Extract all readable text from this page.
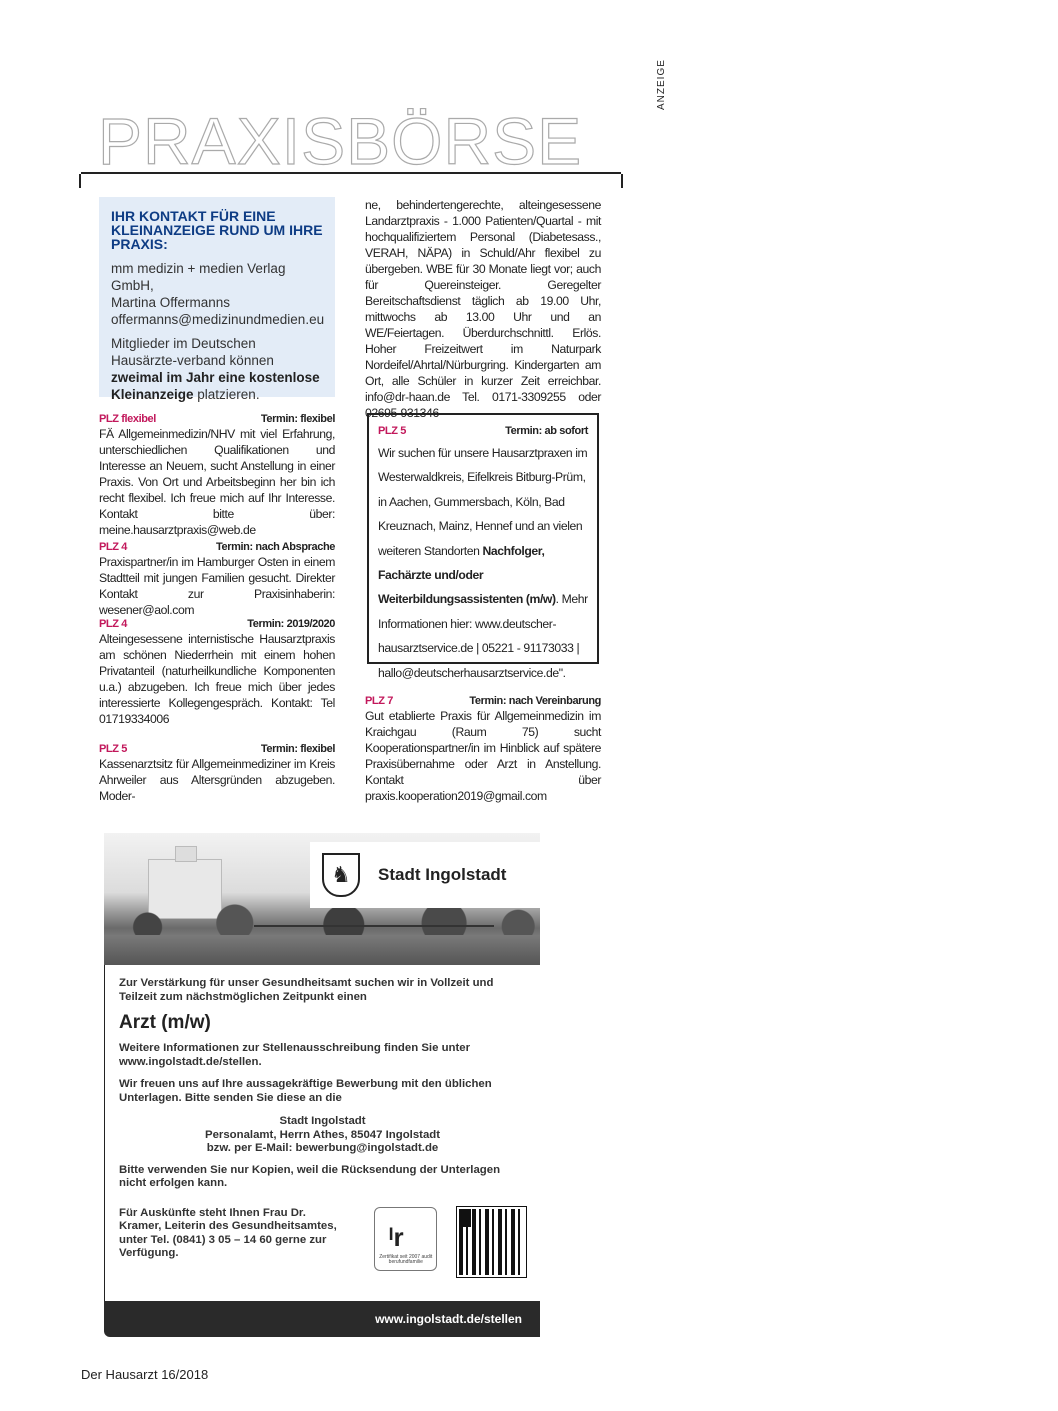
ANZEIGE
PRAXISBÖRSE
IHR KONTAKT FÜR EINE KLEINANZEIGE RUND UM IHRE PRAXIS:
mm medizin + medien Verlag GmbH,
Martina Offermanns
offermanns@medizinundmedien.eu
Mitglieder im Deutschen Hausärzte-verband können zweimal im Jahr eine kostenlose Kleinanzeige platzieren.
PLZ flexibel	Termin: flexibel
FÄ Allgemeinmedizin/NHV mit viel Erfahrung, unterschiedlichen Qualifikationen und Interesse an Neuem, sucht Anstellung in einer Praxis. Von Ort und Arbeitsbeginn her bin ich recht flexibel. Ich freue mich auf Ihr Interesse. Kontakt bitte über: meine.hausarztpraxis@web.de
PLZ 4	Termin: nach Absprache
Praxispartner/in im Hamburger Osten in einem Stadtteil mit jungen Familien gesucht. Direkter Kontakt zur Praxisinhaberin: wesener@aol.com
PLZ 4	Termin: 2019/2020
Alteingesessene internistische Hausarztpraxis am schönen Niederrhein mit einem hohen Privatanteil (naturheilkundliche Komponenten u.a.) abzugeben. Ich freue mich über jedes interessierte Kollegengespräch. Kontakt: Tel 01719334006
PLZ 5	Termin: flexibel
Kassenarztsitz für Allgemeinmediziner im Kreis Ahrweiler aus Altersgründen abzugeben. Moder-
ne, behindertengerechte, alteingesessene Landarztpraxis - 1.000 Patienten/Quartal - mit hochqualifiziertem Personal (Diabetesass., VERAH, NÄPA) in Schuld/Ahr flexibel zu übergeben. WBE für 30 Monate liegt vor; auch für Quereinsteiger. Geregelter Bereitschaftsdienst täglich ab 19.00 Uhr, mittwochs ab 13.00 Uhr und an WE/Feiertagen. Überdurchschnittl. Erlös. Hoher Freizeitwert im Naturpark Nordeifel/Ahrtal/Nürburgring. Kindergarten am Ort, alle Schüler in kurzer Zeit erreichbar. info@dr-haan.de Tel. 0171-3309255 oder 02695-931346
PLZ 5	Termin: ab sofort
Wir suchen für unsere Hausarztpraxen im Westerwaldkreis, Eifelkreis Bitburg-Prüm, in Aachen, Gummersbach, Köln, Bad Kreuznach, Mainz, Hennef und an vielen weiteren Standorten Nachfolger, Fachärzte und/oder Weiterbildungsassistenten (m/w). Mehr Informationen hier: www.deutscher-hausarztservice.de | 05221 - 91173033 | hallo@deutscherhausarztservice.de".
PLZ 7	Termin: nach Vereinbarung
Gut etablierte Praxis für Allgemeinmedizin im Kraichgau (Raum 75) sucht Kooperationspartner/in im Hinblick auf spätere Praxisübernahme oder Arzt in Anstellung. Kontakt über praxis.kooperation2019@gmail.com
♞	Stadt Ingolstadt
Zur Verstärkung für unser Gesundheitsamt suchen wir in Vollzeit und Teilzeit zum nächstmöglichen Zeitpunkt einen
Arzt (m/w)
Weitere Informationen zur Stellenausschreibung finden Sie unter www.ingolstadt.de/stellen.
Wir freuen uns auf Ihre aussagekräftige Bewerbung mit den üblichen Unterlagen. Bitte senden Sie diese an die
Stadt Ingolstadt
Personalamt, Herrn Athes, 85047 Ingolstadt
bzw. per E-Mail: bewerbung@ingolstadt.de
Bitte verwenden Sie nur Kopien, weil die Rücksendung der Unterlagen nicht erfolgen kann.
Für Auskünfte steht Ihnen Frau Dr. Kramer, Leiterin des Gesundheitsamtes, unter Tel. (0841) 3 05 – 14 60 gerne zur Verfügung.
ᴵr
Zertifikat seit 2007 audit berufundfamilie
www.ingolstadt.de/stellen
Der Hausarzt 16/2018
